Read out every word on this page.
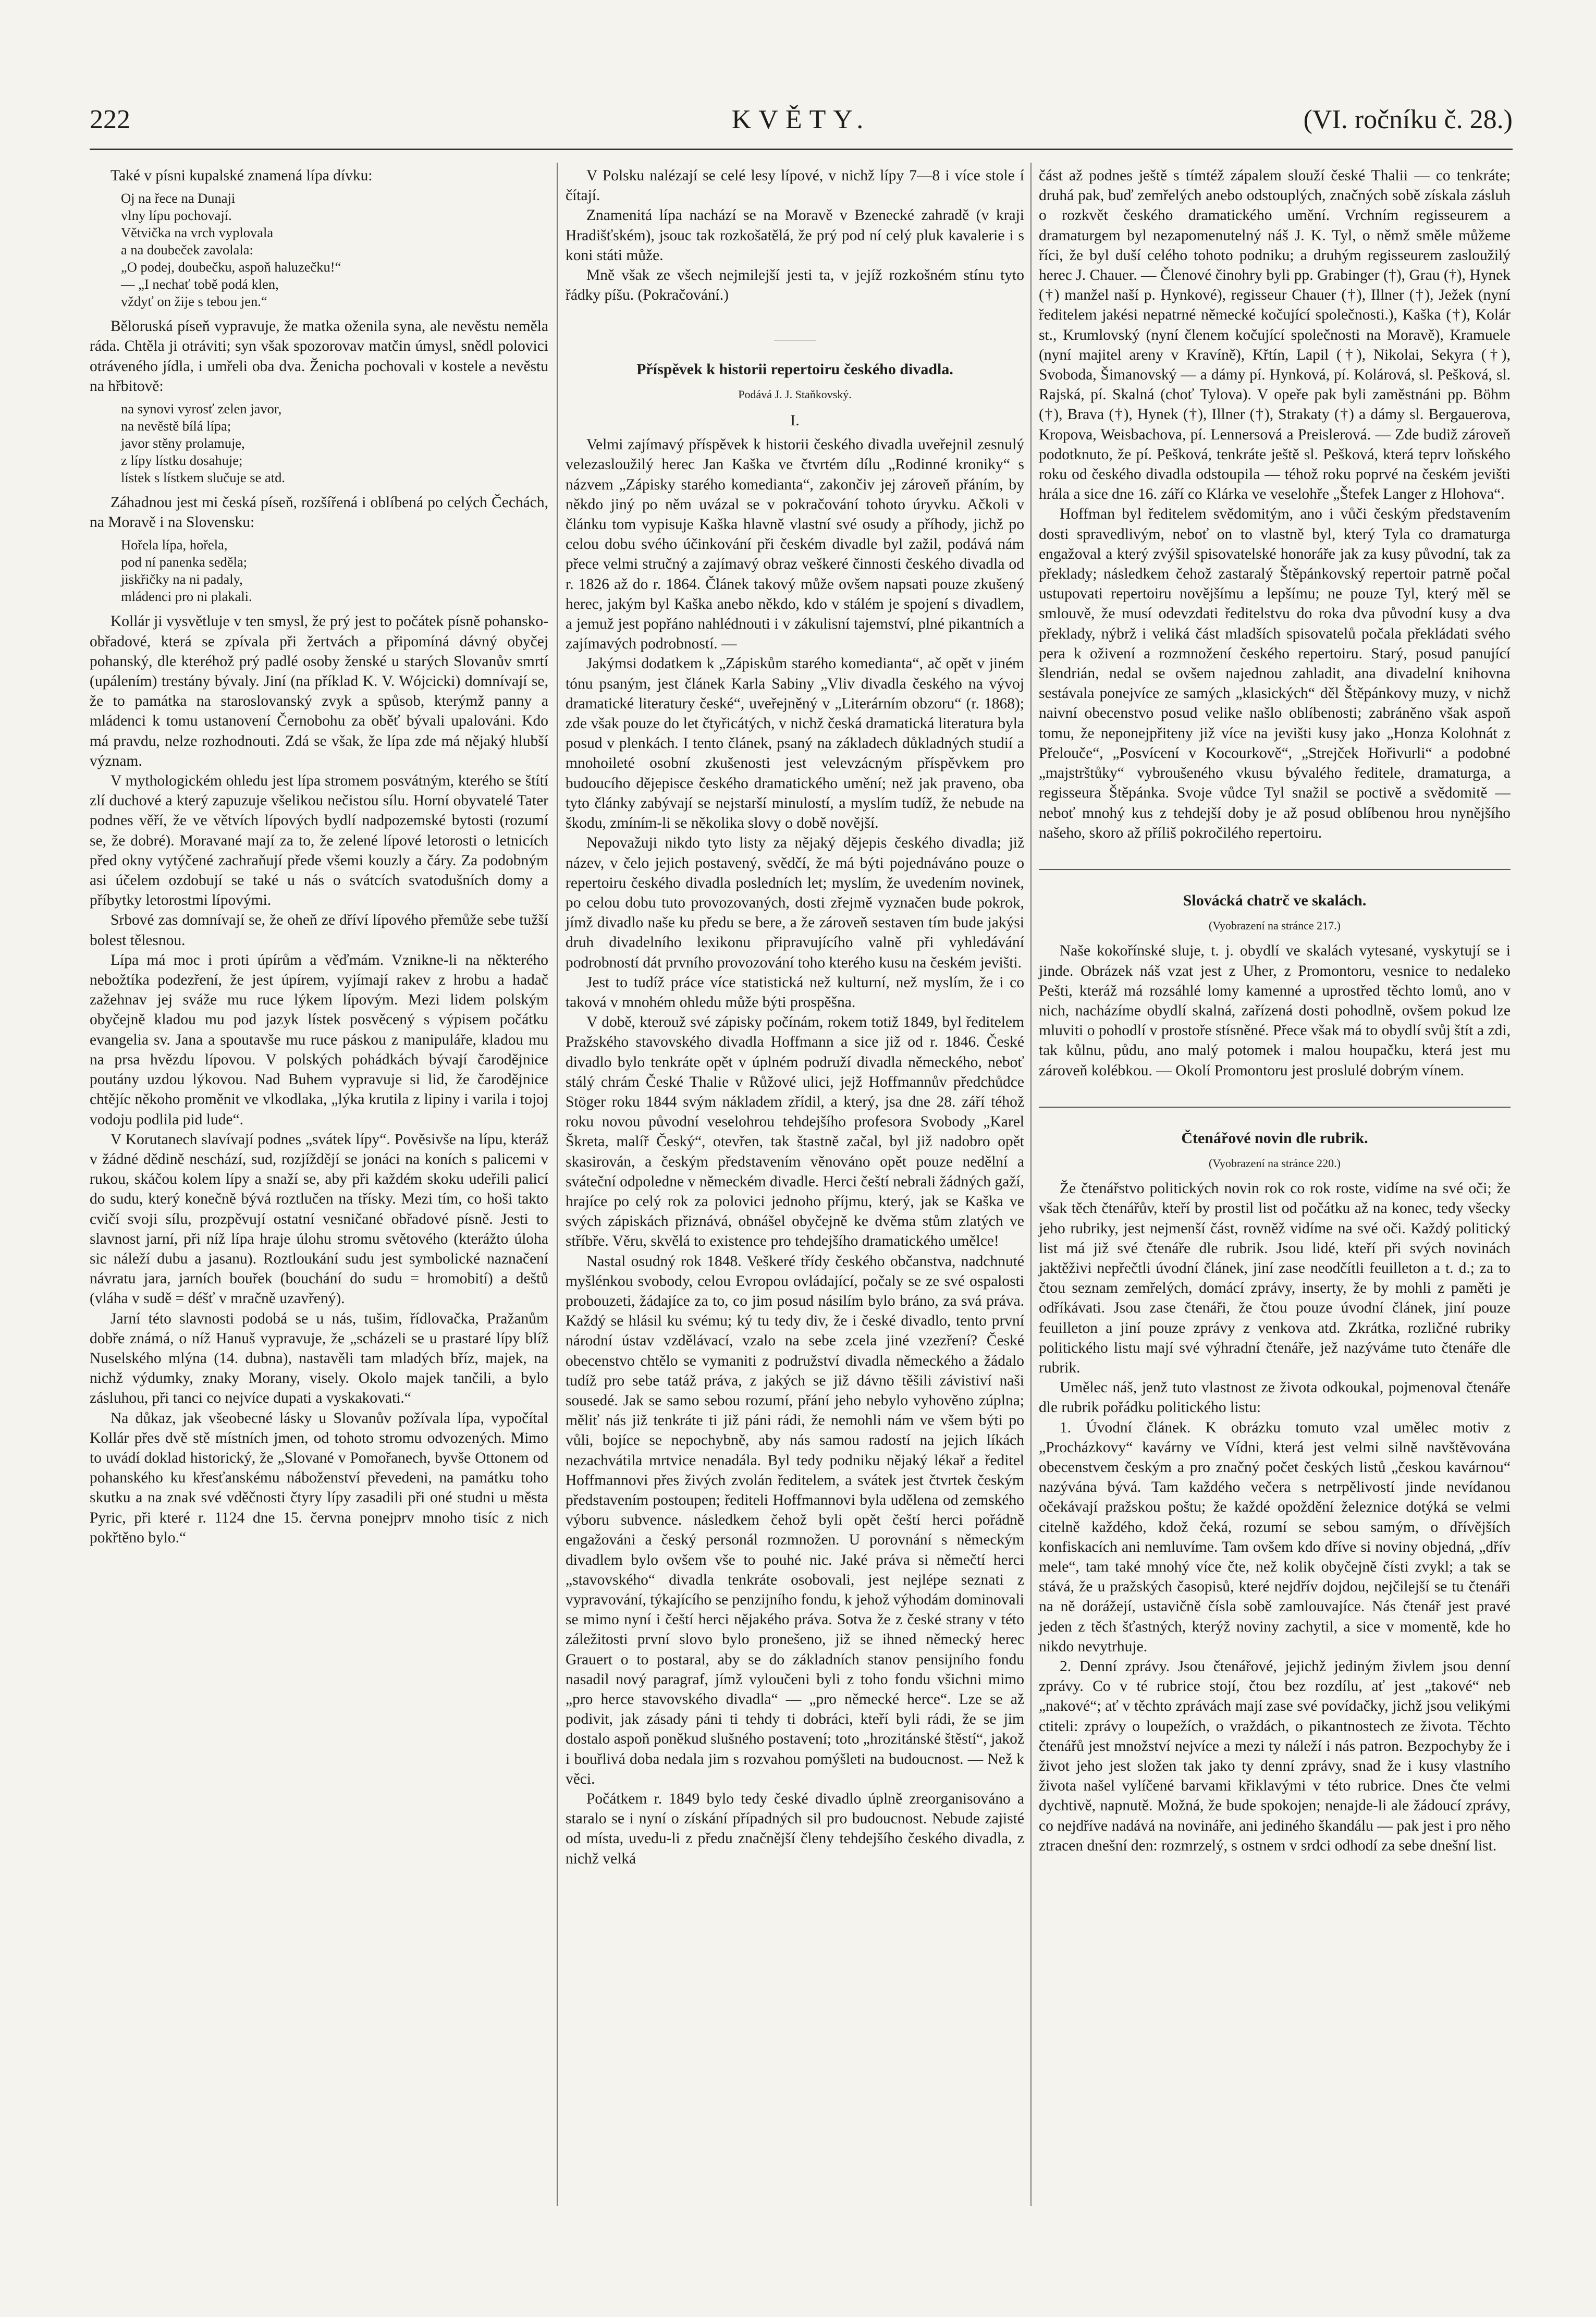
222	KVĚTY.	(VI. ročníku č. 28.)

Také v písni kupalské znamená lípa dívku:

Oj na řece na Dunaji
vlny lípu pochovají.
Větvička na vrch vyplovala
a na doubeček zavolala:
„O podej, doubečku, aspoň haluzečku!“
— „I nechať tobě podá klen,
vždyť on žije s tebou jen.“

Běloruská píseň vypravuje, že matka oženila syna, ale nevěstu neměla ráda. Chtěla ji otráviti; syn však spozorovav matčin úmysl, snědl polovici otráveného jídla, i umřeli oba dva. Ženicha pochovali v kostele a nevěstu na hřbitově:

na synovi vyrosť zelen javor,
na nevěstě bílá lípa;
javor stěny prolamuje,
z lípy lístku dosahuje;
lístek s lístkem slučuje se atd.

Záhadnou jest mi česká píseň, rozšířená i oblíbená po celých Čechách, na Moravě i na Slovensku:

Hořela lípa, hořela,
pod ní panenka seděla;
jiskřičky na ni padaly,
mládenci pro ni plakali.

Kollár ji vysvětluje v ten smysl, že prý jest to počátek písně pohansko-obřadové, která se zpívala při žertvách a připomíná dávný obyčej pohanský, dle kteréhož prý padlé osoby ženské u starých Slovanův smrtí (upálením) trestány bývaly. Jiní (na příklad K. V. Wójcicki) domnívají se, že to památka na staroslovanský zvyk a spůsob, kterýmž panny a mládenci k tomu ustanovení Černobohu za oběť bývali upalováni. Kdo má pravdu, nelze rozhodnouti. Zdá se však, že lípa zde má nějaký hlubší význam.

V mythologickém ohledu jest lípa stromem posvátným, kterého se štítí zlí duchové a který zapuzuje všelikou nečistou sílu. Horní obyvatelé Tater podnes věří, že ve větvích lípových bydlí nadpozemské bytosti (rozumí se, že dobré). Moravané mají za to, že zelené lípové letorosti o letnicích před okny vytýčené zachraňují přede všemi kouzly a čáry. Za podobným asi účelem ozdobují se také u nás o svátcích svatodušních domy a příbytky letorostmi lípovými.

Srbové zas domnívají se, že oheň ze dříví lípového přemůže sebe tužší bolest tělesnou.

Lípa má moc i proti úpírům a věďmám. Vznikne-li na některého nebožtíka podezření, že jest úpírem, vyjímají rakev z hrobu a hadač zažehnav jej sváže mu ruce lýkem lípovým. Mezi lidem polským obyčejně kladou mu pod jazyk lístek posvěcený s výpisem počátku evangelia sv. Jana a spoutavše mu ruce páskou z manipuláře, kladou mu na prsa hvězdu lípovou. V polských pohádkách bývají čarodějnice poutány uzdou lýkovou. Nad Buhem vypravuje si lid, že čarodějnice chtějíc někoho proměnit ve vlkodlaka, „lýka krutila z lipiny i varila i tojoj vodoju podlila pid lude“.

V Korutanech slavívají podnes „svátek lípy“. Pověsivše na lípu, kteráž v žádné dědině neschází, sud, rozjíždějí se jonáci na koních s palicemi v rukou, skáčou kolem lípy a snaží se, aby při každém skoku udeřili palicí do sudu, který konečně bývá roztlučen na třísky. Mezi tím, co hoši takto cvičí svoji sílu, prozpěvují ostatní vesničané obřadové písně. Jesti to slavnost jarní, při níž lípa hraje úlohu stromu světového (kterážto úloha sic náleží dubu a jasanu). Roztloukání sudu jest symbolické naznačení návratu jara, jarních bouřek (bouchání do sudu = hromobití) a deštů (vláha v sudě = déšť v mračně uzavřený).

Jarní této slavnosti podobá se u nás, tušim, řídlovačka, Pražanům dobře známá, o níž Hanuš vypravuje, že „scházeli se u prastaré lípy blíž Nuselského mlýna (14. dubna), nastavěli tam mladých bříz, majek, na nichž výdumky, znaky Morany, visely. Okolo majek tančili, a bylo zásluhou, při tanci co nejvíce dupati a vyskakovati.“

Na důkaz, jak všeobecné lásky u Slovanův požívala lípa, vypočítal Kollár přes dvě stě místních jmen, od tohoto stromu odvozených. Mimo to uvádí doklad historický, že „Slované v Pomořanech, byvše Ottonem od pohanského ku křesťanskému náboženství převedeni, na památku toho skutku a na znak své vděčnosti čtyry lípy zasadili při oné studni u města Pyric, při které r. 1124 dne 15. června ponejprv mnoho tisíc z nich pokřtěno bylo.“

V Polsku nalézají se celé lesy lípové, v nichž lípy 7—8 i více stole í čítají.

Znamenitá lípa nachází se na Moravě v Bzenecké zahradě (v kraji Hradišťském), jsouc tak rozkošatělá, že prý pod ní celý pluk kavalerie i s koni státi může.

Mně však ze všech nejmilejší jesti ta, v jejíž rozkošném stínu tyto řádky píšu. (Pokračování.)

Příspěvek k historii repertoiru českého divadla.
Podává J. J. Staňkovský.
I.

Velmi zajímavý příspěvek k historii českého divadla uveřejnil zesnulý velezasloužilý herec Jan Kaška ve čtvrtém dílu „Rodinné kroniky“ s názvem „Zápisky starého komedianta“, zakončiv jej zároveň přáním, by někdo jiný po něm uvázal se v pokračování tohoto úryvku. Ačkoli v článku tom vypisuje Kaška hlavně vlastní své osudy a příhody, jichž po celou dobu svého účinkování při českém divadle byl zažil, podává nám přece velmi stručný a zajímavý obraz veškeré činnosti českého divadla od r. 1826 až do r. 1864. Článek takový může ovšem napsati pouze zkušený herec, jakým byl Kaška anebo někdo, kdo v stálém je spojení s divadlem, a jemuž jest popřáno nahlédnouti i v zákulisní tajemství, plné pikantních a zajímavých podrobností. —

Jakýmsi dodatkem k „Zápiskům starého komedianta“, ač opět v jiném tónu psaným, jest článek Karla Sabiny „Vliv divadla českého na vývoj dramatické literatury české“, uveřejněný v „Literárním obzoru“ (r. 1868); zde však pouze do let čtyřicátých, v nichž česká dramatická literatura byla posud v plenkách. I tento článek, psaný na základech důkladných studií a mnohoileté osobní zkušenosti jest velevzácným příspěvkem pro budoucího dějepisce českého dramatického umění; než jak praveno, oba tyto články zabývají se nejstarší minulostí, a myslím tudíž, že nebude na škodu, zmíním-li se několika slovy o době novější.

Nepovažuji nikdo tyto listy za nějaký dějepis českého divadla; již název, v čelo jejich postavený, svědčí, že má býti pojednáváno pouze o repertoiru českého divadla posledních let; myslím, že uvedením novinek, po celou dobu tuto provozovaných, dosti zřejmě vyznačen bude pokrok, jímž divadlo naše ku předu se bere, a že zároveň sestaven tím bude jakýsi druh divadelního lexikonu připravujícího valně při vyhledávání podrobností dát prvního provozování toho kterého kusu na českém jevišti.

Jest to tudíž práce více statistická než kulturní, než myslím, že i co taková v mnohém ohledu může býti prospěšna.

V době, kterouž své zápisky počínám, rokem totiž 1849, byl ředitelem Pražského stavovského divadla Hoffmann a sice již od r. 1846. České divadlo bylo tenkráte opět v úplném podruží divadla německého, neboť stálý chrám České Thalie v Růžové ulici, jejž Hoffmannův předchůdce Stöger roku 1844 svým nákladem zřídil, a který, jsa dne 28. září téhož roku novou původní veselohrou tehdejšího profesora Svobody „Karel Škreta, malíř Český“, otevřen, tak štastně začal, byl již nadobro opět skasirován, a českým představením věnováno opět pouze nedělní a sváteční odpoledne v německém divadle. Herci čeští nebrali žádných gaží, hrajíce po celý rok za polovici jednoho příjmu, který, jak se Kaška ve svých zápiskách přiznává, obnášel obyčejně ke dvěma stům zlatých ve stříbře. Věru, skvělá to existence pro tehdejšího dramatického umělce!

Nastal osudný rok 1848. Veškeré třídy českého občanstva, nadchnuté myšlénkou svobody, celou Evropou ovládající, počaly se ze své ospalosti probouzeti, žádajíce za to, co jim posud násilím bylo bráno, za svá práva. Každý se hlásil ku svému; ký tu tedy div, že i české divadlo, tento první národní ústav vzdělávací, vzalo na sebe zcela jiné vzezření? České obecenstvo chtělo se vymaniti z podružství divadla německého a žádalo tudíž pro sebe tatáž práva, z jakých se již dávno těšili závistiví naši sousedé. Jak se samo sebou rozumí, přání jeho nebylo vyhověno zúplna; měliť nás již tenkráte ti již páni rádi, že nemohli nám ve všem býti po vůli, bojíce se nepochybně, aby nás samou radostí na jejich líkách nezachvátila mrtvice nenadála. Byl tedy podniku nějaký lékař a ředitel Hoffmannovi přes živých zvolán ředitelem, a svátek jest čtvrtek českým představením postoupen; řediteli Hoffmannovi byla udělena od zemského výboru subvence. následkem čehož byli opět čeští herci pořádně engažováni a český personál rozmnožen. U porovnání s německým divadlem bylo ovšem vše to pouhé nic. Jaké práva si němečtí herci „stavovského“ divadla tenkráte osobovali, jest nejlépe seznati z vypravování, týkajícího se penzijního fondu, k jehož výhodám dominovali se mimo nyní i čeští herci nějakého práva. Sotva že z české strany v této záležitosti první slovo bylo pronešeno, již se ihned německý herec Grauert o to postaral, aby se do základních stanov pensijního fondu nasadil nový paragraf, jímž vyloučeni byli z toho fondu všichni mimo „pro herce stavovského divadla“ — „pro německé herce“. Lze se až podivit, jak zásady páni ti tehdy ti dobráci, kteří byli rádi, že se jim dostalo aspoň poněkud slušného postavení; toto „hrozitánské štěstí“, jakož i bouřlivá doba nedala jim s rozvahou pomýšleti na budoucnost. — Než k věci.

Počátkem r. 1849 bylo tedy české divadlo úplně zreorganisováno a staralo se i nyní o získání případných sil pro budoucnost. Nebude zajisté od místa, uvedu-li z předu značnější členy tehdejšího českého divadla, z nichž velká

část až podnes ještě s tímtéž zápalem slouží české Thalii — co tenkráte; druhá pak, buď zemřelých anebo odstouplých, značných sobě získala zásluh o rozkvět českého dramatického umění. Vrchním regisseurem a dramaturgem byl nezapomenutelný náš J. K. Tyl, o němž směle můžeme říci, že byl duší celého tohoto podniku; a druhým regisseurem zasloužilý herec J. Chauer. — Členové činohry byli pp. Grabinger (†), Grau (†), Hynek (†) manžel naší p. Hynkové), regisseur Chauer (†), Illner (†), Ježek (nyní ředitelem jakési nepatrné německé kočující společnosti.), Kaška (†), Kolár st., Krumlovský (nyní členem kočující společnosti na Moravě), Kramuele (nyní majitel areny v Kravíně), Křtín, Lapil (†), Nikolai, Sekyra (†), Svoboda, Šimanovský — a dámy pí. Hynková, pí. Kolárová, sl. Pešková, sl. Rajská, pí. Skalná (choť Tylova). V opeře pak byli zaměstnáni pp. Böhm (†), Brava (†), Hynek (†), Illner (†), Strakaty (†) a dámy sl. Bergauerova, Kropova, Weisbachova, pí. Lennersová a Preislerová. — Zde budiž zároveň podotknuto, že pí. Pešková, tenkráte ještě sl. Pešková, která teprv loňského roku od českého divadla odstoupila — téhož roku poprvé na českém jevišti hrála a sice dne 16. září co Klárka ve veselohře „Štefek Langer z Hlohova“.

Hoffman byl ředitelem svědomitým, ano i vůči českým představením dosti spravedlivým, neboť on to vlastně byl, který Tyla co dramaturga engažoval a který zvýšil spisovatelské honoráře jak za kusy původní, tak za překlady; následkem čehož zastaralý Štěpánkovský repertoir patrně počal ustupovati repertoiru novějšímu a lepšímu; ne pouze Tyl, který měl se smlouvě, že musí odevzdati ředitelstvu do roka dva původní kusy a dva překlady, nýbrž i veliká část mladších spisovatelů počala překládati svého pera k oživení a rozmnožení českého repertoiru. Starý, posud panující šlendrián, nedal se ovšem najednou zahladit, ana divadelní knihovna sestávala ponejvíce ze samých „klasických“ děl Štěpánkovy muzy, v nichž naivní obecenstvo posud velike našlo oblíbenosti; zabráněno však aspoň tomu, že neponejpřiteny již více na jevišti kusy jako „Honza Kolohnát z Přelouče“, „Posvícení v Kocourkově“, „Strejček Hořivurli“ a podobné „majstrštůky“ vybroušeného vkusu bývalého ředitele, dramaturga, a regisseura Štěpánka. Svoje vůdce Tyl snažil se poctivě a svědomitě — neboť mnohý kus z tehdejší doby je až posud oblíbenou hrou nynějšího našeho, skoro až příliš pokročilého repertoiru.

Slovácká chatrč ve skalách.
(Vyobrazení na stránce 217.)

Naše kokořínské sluje, t. j. obydlí ve skalách vytesané, vyskytují se i jinde. Obrázek náš vzat jest z Uher, z Promontoru, vesnice to nedaleko Pešti, kteráž má rozsáhlé lomy kamenné a uprostřed těchto lomů, ano v nich, nacházíme obydlí skalná, zařízená dosti pohodlně, ovšem pokud lze mluviti o pohodlí v prostoře stísněné. Přece však má to obydlí svůj štít a zdi, tak kůlnu, půdu, ano malý potomek i malou houpačku, která jest mu zároveň kolébkou. — Okolí Promontoru jest proslulé dobrým vínem.

Čtenářové novin dle rubrik.
(Vyobrazení na stránce 220.)

Že čtenářstvo politických novin rok co rok roste, vidíme na své oči; že však těch čtenářův, kteří by prostil list od počátku až na konec, tedy všecky jeho rubriky, jest nejmenší část, rovněž vidíme na své oči. Každý politický list má již své čtenáře dle rubrik. Jsou lidé, kteří při svých novinách jaktěživi nepřečtli úvodní článek, jiní zase neodčítli feuilleton a t. d.; za to čtou seznam zemřelých, domácí zprávy, inserty, že by mohli z paměti je odříkávati. Jsou zase čtenáři, že čtou pouze úvodní článek, jiní pouze feuilleton a jiní pouze zprávy z venkova atd. Zkrátka, rozličné rubriky politického listu mají své výhradní čtenáře, jež nazýváme tuto čtenáře dle rubrik.

Umělec náš, jenž tuto vlastnost ze života odkoukal, pojmenoval čtenáře dle rubrik pořádku politického listu:

1. Úvodní článek. K obrázku tomuto vzal umělec motiv z „Procházkovy“ kavárny ve Vídni, která jest velmi silně navštěvována obecenstvem českým a pro značný počet českých listů „českou kavárnou“ nazývána bývá. Tam každého večera s netrpělivostí jinde nevídanou očekávají pražskou poštu; že každé opoždění železnice dotýká se velmi citelně každého, kdož čeká, rozumí se sebou samým, o dřívějších konfiskacích ani nemluvíme. Tam ovšem kdo dříve si noviny objedná, „dřív mele“, tam také mnohý více čte, než kolik obyčejně čísti zvykl; a tak se stává, že u pražských časopisů, které nejdřív dojdou, nejčilejší se tu čtenáři na ně dorážejí, ustavičně čísla sobě zamlouvajíce. Nás čtenář jest pravé jeden z těch šťastných, kterýž noviny zachytil, a sice v momentě, kde ho nikdo nevytrhuje.

2. Denní zprávy. Jsou čtenářové, jejichž jediným živlem jsou denní zprávy. Co v té rubrice stojí, čtou bez rozdílu, ať jest „takové“ neb „nakové“; ať v těchto zprávách mají zase své povídačky, jichž jsou velikými ctiteli: zprávy o loupežích, o vraždách, o pikantnostech ze života. Těchto čtenářů jest množství nejvíce a mezi ty náleží i nás patron. Bezpochyby že i život jeho jest složen tak jako ty denní zprávy, snad že i kusy vlastního života našel vylíčené barvami křiklavými v této rubrice. Dnes čte velmi dychtivě, napnutě. Možná, že bude spokojen; nenajde-li ale žádoucí zprávy, co nejdříve nadává na novináře, ani jediného škandálu — pak jest i pro něho ztracen dnešní den: rozmrzelý, s ostnem v srdci odhodí za sebe dnešní list.
